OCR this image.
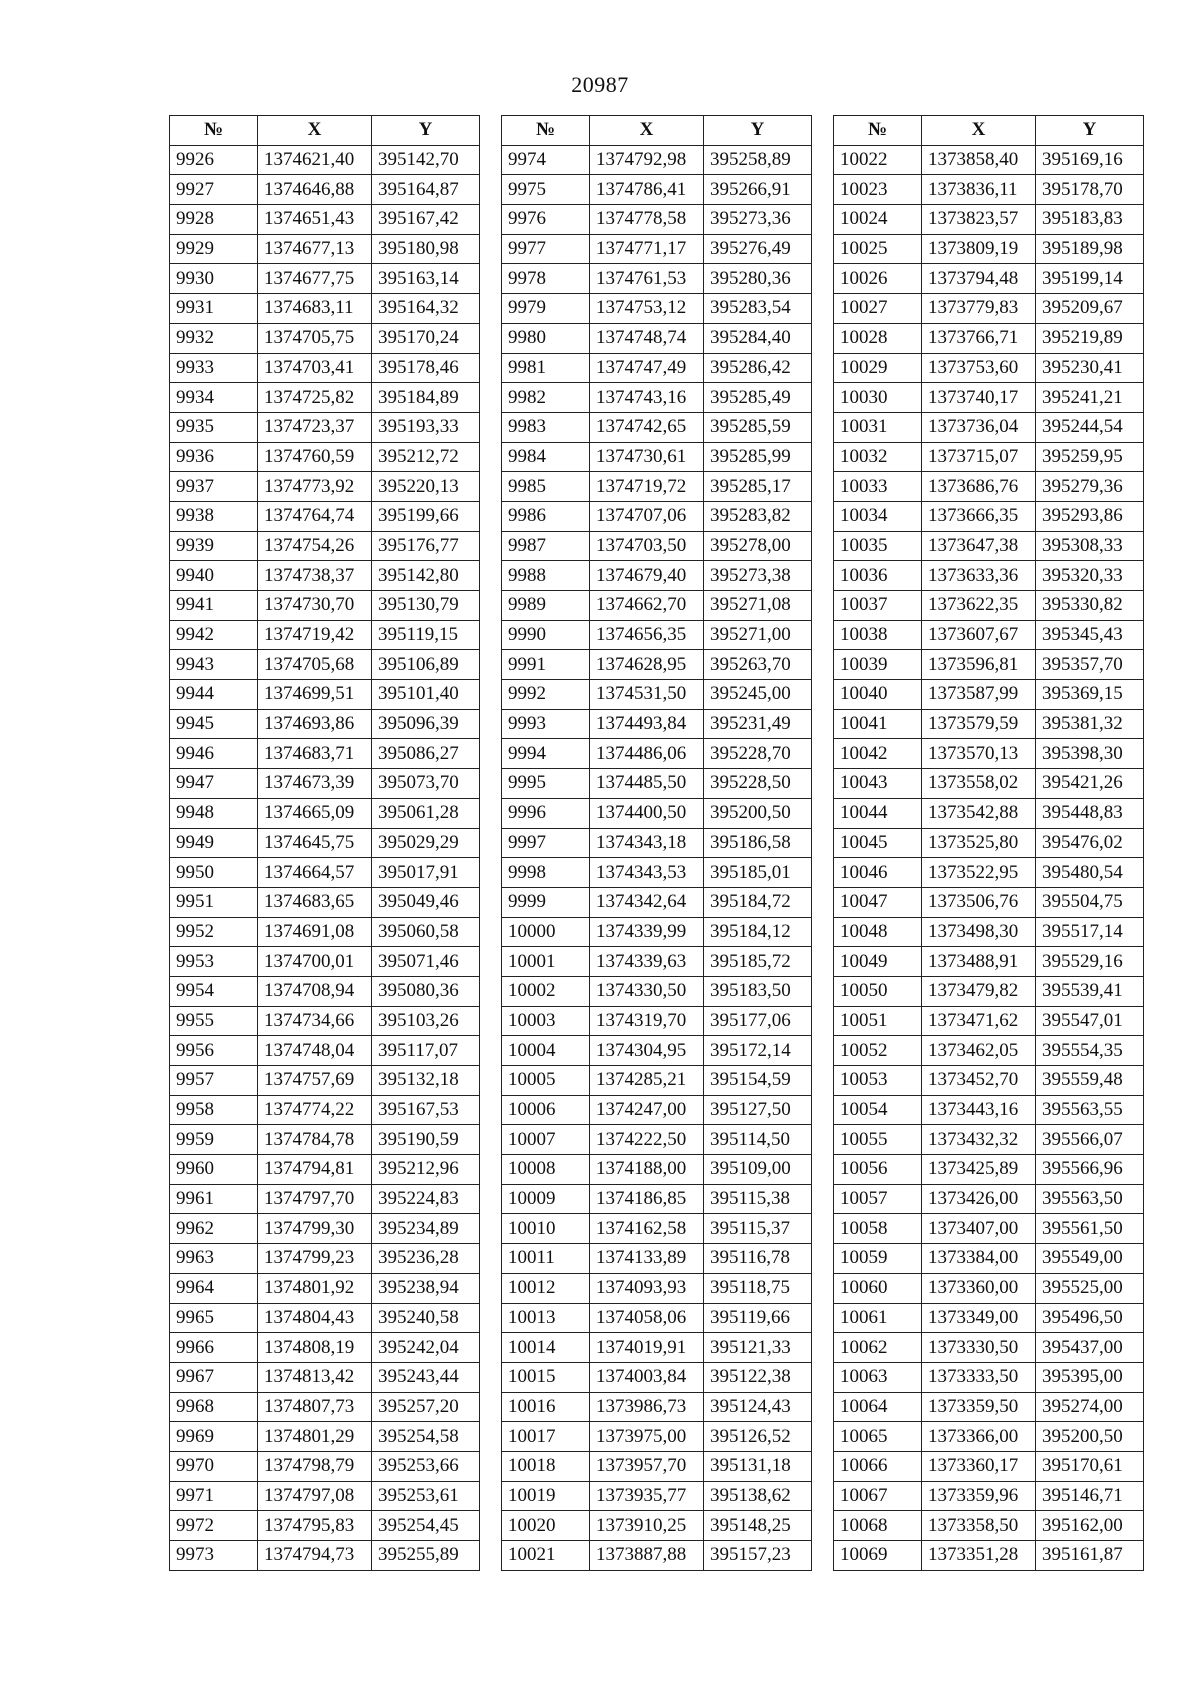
20987
№	X	Y
9926	1374621,40	395142,70
9927	1374646,88	395164,87
9928	1374651,43	395167,42
9929	1374677,13	395180,98
9930	1374677,75	395163,14
9931	1374683,11	395164,32
9932	1374705,75	395170,24
9933	1374703,41	395178,46
9934	1374725,82	395184,89
9935	1374723,37	395193,33
9936	1374760,59	395212,72
9937	1374773,92	395220,13
9938	1374764,74	395199,66
9939	1374754,26	395176,77
9940	1374738,37	395142,80
9941	1374730,70	395130,79
9942	1374719,42	395119,15
9943	1374705,68	395106,89
9944	1374699,51	395101,40
9945	1374693,86	395096,39
9946	1374683,71	395086,27
9947	1374673,39	395073,70
9948	1374665,09	395061,28
9949	1374645,75	395029,29
9950	1374664,57	395017,91
9951	1374683,65	395049,46
9952	1374691,08	395060,58
9953	1374700,01	395071,46
9954	1374708,94	395080,36
9955	1374734,66	395103,26
9956	1374748,04	395117,07
9957	1374757,69	395132,18
9958	1374774,22	395167,53
9959	1374784,78	395190,59
9960	1374794,81	395212,96
9961	1374797,70	395224,83
9962	1374799,30	395234,89
9963	1374799,23	395236,28
9964	1374801,92	395238,94
9965	1374804,43	395240,58
9966	1374808,19	395242,04
9967	1374813,42	395243,44
9968	1374807,73	395257,20
9969	1374801,29	395254,58
9970	1374798,79	395253,66
9971	1374797,08	395253,61
9972	1374795,83	395254,45
9973	1374794,73	395255,89
№	X	Y
9974	1374792,98	395258,89
9975	1374786,41	395266,91
9976	1374778,58	395273,36
9977	1374771,17	395276,49
9978	1374761,53	395280,36
9979	1374753,12	395283,54
9980	1374748,74	395284,40
9981	1374747,49	395286,42
9982	1374743,16	395285,49
9983	1374742,65	395285,59
9984	1374730,61	395285,99
9985	1374719,72	395285,17
9986	1374707,06	395283,82
9987	1374703,50	395278,00
9988	1374679,40	395273,38
9989	1374662,70	395271,08
9990	1374656,35	395271,00
9991	1374628,95	395263,70
9992	1374531,50	395245,00
9993	1374493,84	395231,49
9994	1374486,06	395228,70
9995	1374485,50	395228,50
9996	1374400,50	395200,50
9997	1374343,18	395186,58
9998	1374343,53	395185,01
9999	1374342,64	395184,72
10000	1374339,99	395184,12
10001	1374339,63	395185,72
10002	1374330,50	395183,50
10003	1374319,70	395177,06
10004	1374304,95	395172,14
10005	1374285,21	395154,59
10006	1374247,00	395127,50
10007	1374222,50	395114,50
10008	1374188,00	395109,00
10009	1374186,85	395115,38
10010	1374162,58	395115,37
10011	1374133,89	395116,78
10012	1374093,93	395118,75
10013	1374058,06	395119,66
10014	1374019,91	395121,33
10015	1374003,84	395122,38
10016	1373986,73	395124,43
10017	1373975,00	395126,52
10018	1373957,70	395131,18
10019	1373935,77	395138,62
10020	1373910,25	395148,25
10021	1373887,88	395157,23
№	X	Y
10022	1373858,40	395169,16
10023	1373836,11	395178,70
10024	1373823,57	395183,83
10025	1373809,19	395189,98
10026	1373794,48	395199,14
10027	1373779,83	395209,67
10028	1373766,71	395219,89
10029	1373753,60	395230,41
10030	1373740,17	395241,21
10031	1373736,04	395244,54
10032	1373715,07	395259,95
10033	1373686,76	395279,36
10034	1373666,35	395293,86
10035	1373647,38	395308,33
10036	1373633,36	395320,33
10037	1373622,35	395330,82
10038	1373607,67	395345,43
10039	1373596,81	395357,70
10040	1373587,99	395369,15
10041	1373579,59	395381,32
10042	1373570,13	395398,30
10043	1373558,02	395421,26
10044	1373542,88	395448,83
10045	1373525,80	395476,02
10046	1373522,95	395480,54
10047	1373506,76	395504,75
10048	1373498,30	395517,14
10049	1373488,91	395529,16
10050	1373479,82	395539,41
10051	1373471,62	395547,01
10052	1373462,05	395554,35
10053	1373452,70	395559,48
10054	1373443,16	395563,55
10055	1373432,32	395566,07
10056	1373425,89	395566,96
10057	1373426,00	395563,50
10058	1373407,00	395561,50
10059	1373384,00	395549,00
10060	1373360,00	395525,00
10061	1373349,00	395496,50
10062	1373330,50	395437,00
10063	1373333,50	395395,00
10064	1373359,50	395274,00
10065	1373366,00	395200,50
10066	1373360,17	395170,61
10067	1373359,96	395146,71
10068	1373358,50	395162,00
10069	1373351,28	395161,87
